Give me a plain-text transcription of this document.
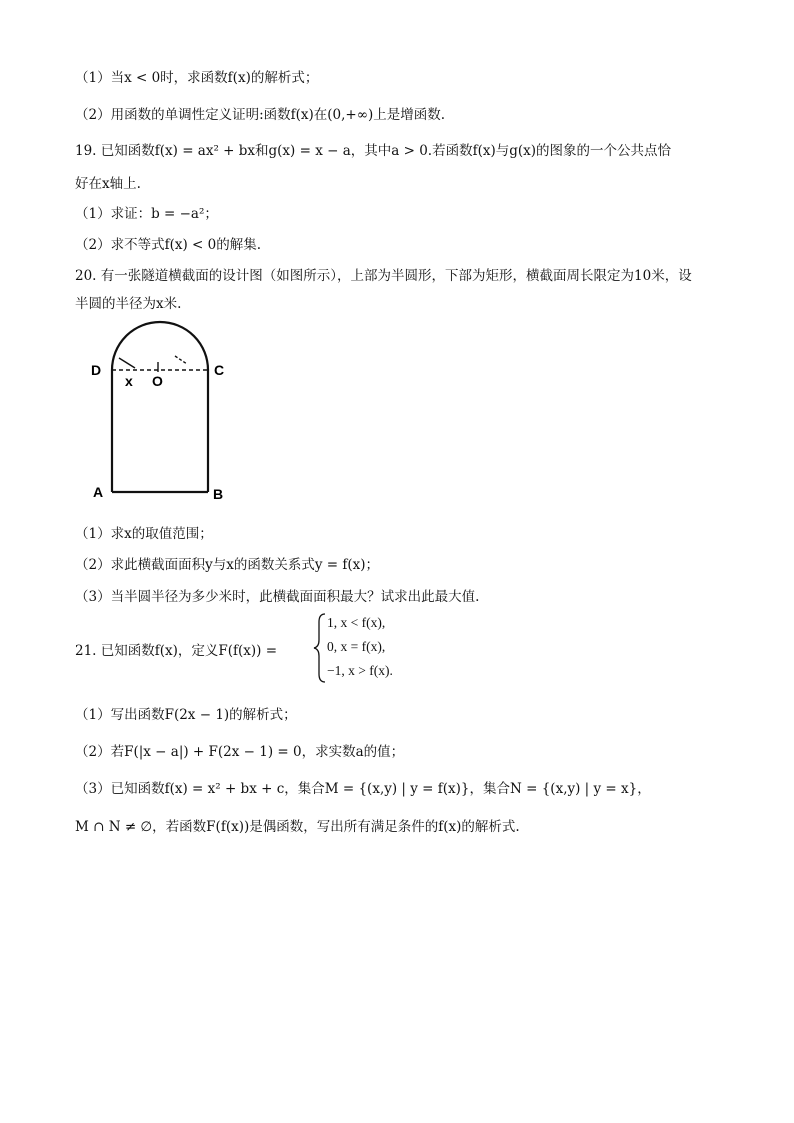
（1）当x < 0时，求函数f(x)的解析式；
（2）用函数的单调性定义证明:函数f(x)在(0,+∞)上是增函数.
19. 已知函数f(x) = ax² + bx和g(x) = x − a，其中a > 0.若函数f(x)与g(x)的图象的一个公共点恰
好在x轴上.
（1）求证：b = −a²；
（2）求不等式f(x) < 0的解集.
20. 有一张隧道横截面的设计图（如图所示），上部为半圆形，下部为矩形，横截面周长限定为10米，设
半圆的半径为x米.
D	C
x O
A	B
（1）求x的取值范围；
（2）求此横截面面积y与x的函数关系式y = f(x)；
（3）当半圆半径为多少米时，此横截面面积最大？试求出此最大值.
21. 已知函数f(x)，定义F(f(x)) =
1, x < f(x),
0, x = f(x),
−1, x > f(x).
（1）写出函数F(2x − 1)的解析式；
（2）若F(|x − a|) + F(2x − 1) = 0，求实数a的值；
（3）已知函数f(x) = x² + bx + c，集合M = {(x,y) | y = f(x)}，集合N = {(x,y) | y = x}，
M ∩ N ≠ ∅，若函数F(f(x))是偶函数，写出所有满足条件的f(x)的解析式.
